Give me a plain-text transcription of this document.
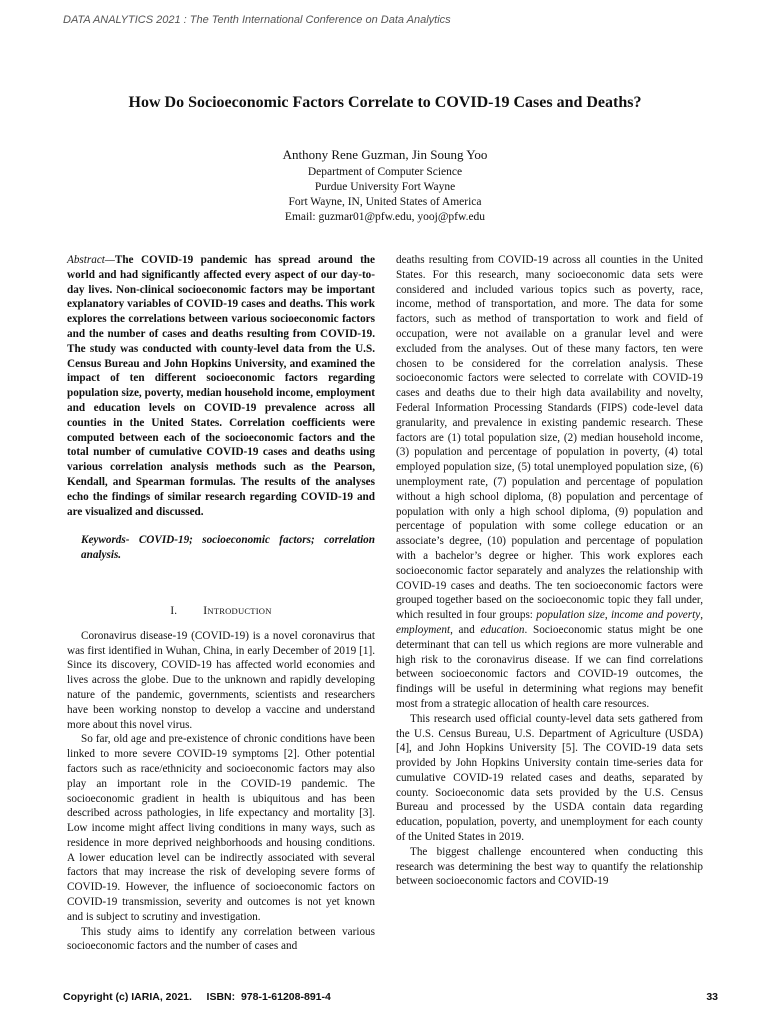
DATA ANALYTICS 2021 : The Tenth International Conference on Data Analytics
How Do Socioeconomic Factors Correlate to COVID-19 Cases and Deaths?
Anthony Rene Guzman, Jin Soung Yoo
Department of Computer Science
Purdue University Fort Wayne
Fort Wayne, IN, United States of America
Email: guzmar01@pfw.edu, yooj@pfw.edu

Abstract—The COVID-19 pandemic has spread around the world and had significantly affected every aspect of our day-to-day lives. Non-clinical socioeconomic factors may be important explanatory variables of COVID-19 cases and deaths. This work explores the correlations between various socioeconomic factors and the number of cases and deaths resulting from COVID-19. The study was conducted with county-level data from the U.S. Census Bureau and John Hopkins University, and examined the impact of ten different socioeconomic factors regarding population size, poverty, median household income, employment and education levels on COVID-19 prevalence across all counties in the United States. Correlation coefficients were computed between each of the socioeconomic factors and the total number of cumulative COVID-19 cases and deaths using various correlation analysis methods such as the Pearson, Kendall, and Spearman formulas. The results of the analyses echo the findings of similar research regarding COVID-19 and are visualized and discussed.

Keywords- COVID-19; socioeconomic factors; correlation analysis.

I. INTRODUCTION

Coronavirus disease-19 (COVID-19) is a novel coronavirus that was first identified in Wuhan, China, in early December of 2019 [1]. Since its discovery, COVID-19 has affected world economies and lives across the globe. Due to the unknown and rapidly developing nature of the pandemic, governments, scientists and researchers have been working nonstop to develop a vaccine and understand more about this novel virus.

So far, old age and pre-existence of chronic conditions have been linked to more severe COVID-19 symptoms [2]. Other potential factors such as race/ethnicity and socioeconomic factors may also play an important role in the COVID-19 pandemic. The socioeconomic gradient in health is ubiquitous and has been described across pathologies, in life expectancy and mortality [3]. Low income might affect living conditions in many ways, such as residence in more deprived neighborhoods and housing conditions. A lower education level can be indirectly associated with several factors that may increase the risk of developing severe forms of COVID-19. However, the influence of socioeconomic factors on COVID-19 transmission, severity and outcomes is not yet known and is subject to scrutiny and investigation.

This study aims to identify any correlation between various socioeconomic factors and the number of cases and

deaths resulting from COVID-19 across all counties in the United States. For this research, many socioeconomic data sets were considered and included various topics such as poverty, race, income, method of transportation, and more. The data for some factors, such as method of transportation to work and field of occupation, were not available on a granular level and were excluded from the analyses. Out of these many factors, ten were chosen to be considered for the correlation analysis. These socioeconomic factors were selected to correlate with COVID-19 cases and deaths due to their high data availability and novelty, Federal Information Processing Standards (FIPS) code-level data granularity, and prevalence in existing pandemic research. These factors are (1) total population size, (2) median household income, (3) population and percentage of population in poverty, (4) total employed population size, (5) total unemployed population size, (6) unemployment rate, (7) population and percentage of population without a high school diploma, (8) population and percentage of population with only a high school diploma, (9) population and percentage of population with some college education or an associate’s degree, (10) population and percentage of population with a bachelor’s degree or higher. This work explores each socioeconomic factor separately and analyzes the relationship with COVID-19 cases and deaths. The ten socioeconomic factors were grouped together based on the socioeconomic topic they fall under, which resulted in four groups: population size, income and poverty, employment, and education. Socioeconomic status might be one determinant that can tell us which regions are more vulnerable and high risk to the coronavirus disease. If we can find correlations between socioeconomic factors and COVID-19 outcomes, the findings will be useful in determining what regions may benefit most from a strategic allocation of health care resources.

This research used official county-level data sets gathered from the U.S. Census Bureau, U.S. Department of Agriculture (USDA) [4], and John Hopkins University [5]. The COVID-19 data sets provided by John Hopkins University contain time-series data for cumulative COVID-19 related cases and deaths, separated by county. Socioeconomic data sets provided by the U.S. Census Bureau and processed by the USDA contain data regarding education, population, poverty, and unemployment for each county of the United States in 2019.

The biggest challenge encountered when conducting this research was determining the best way to quantify the relationship between socioeconomic factors and COVID-19

Copyright (c) IARIA, 2021.     ISBN:  978-1-61208-891-4	33
